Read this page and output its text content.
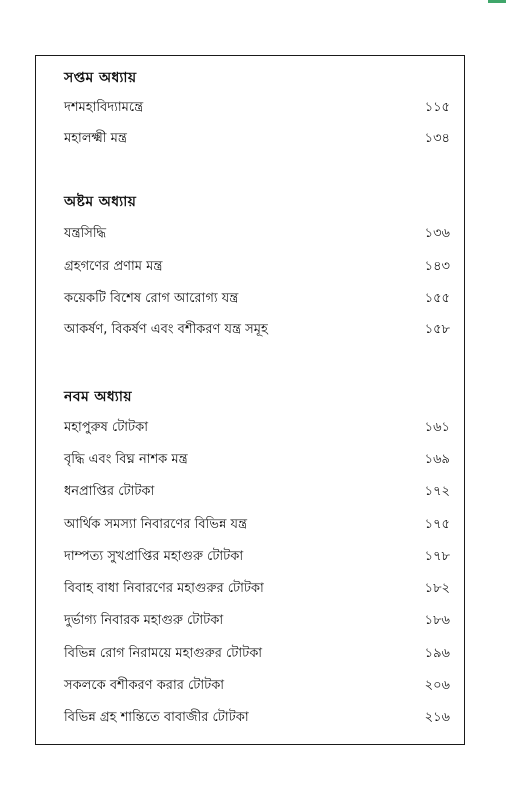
সপ্তম অধ্যায়
দশমহাবিদ্যামন্ত্রে	১১৫
মহালক্ষ্মী মন্ত্র	১৩৪
অষ্টম অধ্যায়
যন্ত্রসিদ্ধি	১৩৬
গ্রহগণের প্রণাম মন্ত্র	১৪৩
কয়েকটি বিশেষ রোগ আরোগ্য যন্ত্র	১৫৫
আকর্ষণ, বিকর্ষণ এবং বশীকরণ যন্ত্র সমূহ	১৫৮
নবম অধ্যায়
মহাপুরুষ টোটকা	১৬১
বৃদ্ধি এবং বিঘ্ন নাশক মন্ত্র	১৬৯
ধনপ্রাপ্তির টোটকা	১৭২
আর্থিক সমস্যা নিবারণের বিভিন্ন যন্ত্র	১৭৫
দাম্পত্য সুখপ্রাপ্তির মহাগুরু টোটকা	১৭৮
বিবাহ বাধা নিবারণের মহাগুরুর টোটকা	১৮২
দুর্ভাগ্য নিবারক মহাগুরু টোটকা	১৮৬
বিভিন্ন রোগ নিরাময়ে মহাগুরুর টোটকা	১৯৬
সকলকে বশীকরণ করার টোটকা	২০৬
বিভিন্ন গ্রহ শান্তিতে বাবাজীর টোটকা	২১৬
